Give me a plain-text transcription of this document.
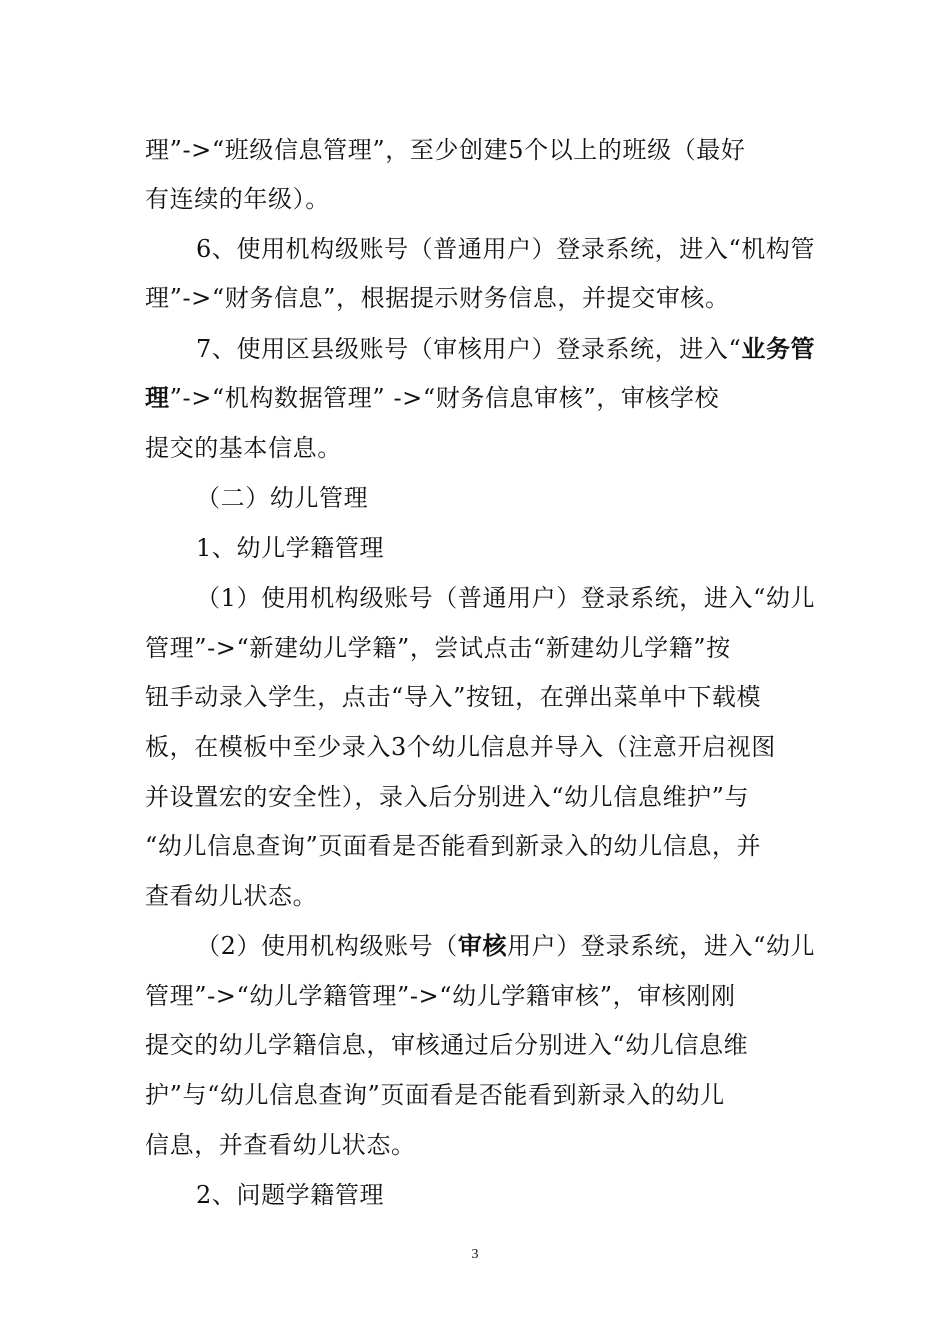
理”->“班级信息管理”，至少创建5个以上的班级（最好
有连续的年级）。
6、使用机构级账号（普通用户）登录系统，进入“机构管
理”->“财务信息”，根据提示财务信息，并提交审核。
7、使用区县级账号（审核用户）登录系统，进入“业务管
理”->“机构数据管理” ->“财务信息审核”，审核学校
提交的基本信息。
（二）幼儿管理
1、幼儿学籍管理
（1）使用机构级账号（普通用户）登录系统，进入“幼儿
管理”->“新建幼儿学籍”，尝试点击“新建幼儿学籍”按
钮手动录入学生，点击“导入”按钮，在弹出菜单中下载模
板，在模板中至少录入3个幼儿信息并导入（注意开启视图
并设置宏的安全性），录入后分别进入“幼儿信息维护”与
“幼儿信息查询”页面看是否能看到新录入的幼儿信息，并
查看幼儿状态。
（2）使用机构级账号（审核用户）登录系统，进入“幼儿
管理”->“幼儿学籍管理”->“幼儿学籍审核”，审核刚刚
提交的幼儿学籍信息，审核通过后分别进入“幼儿信息维
护”与“幼儿信息查询”页面看是否能看到新录入的幼儿
信息，并查看幼儿状态。
2、问题学籍管理
3
